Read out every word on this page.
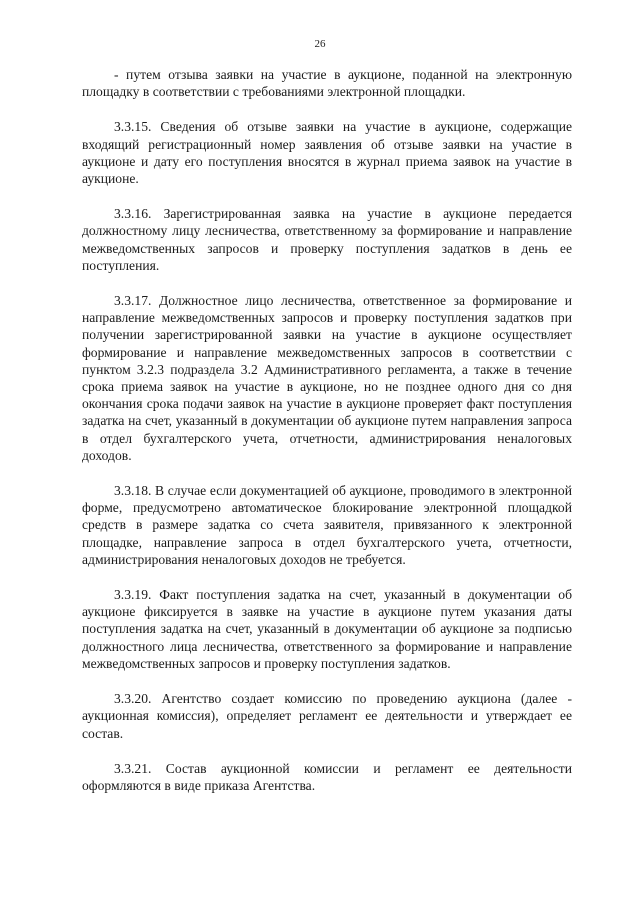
26

- путем отзыва заявки на участие в аукционе, поданной на электронную площадку в соответствии с требованиями электронной площадки.

3.3.15. Сведения об отзыве заявки на участие в аукционе, содержащие входящий регистрационный номер заявления об отзыве заявки на участие в аукционе и дату его поступления вносятся в журнал приема заявок на участие в аукционе.

3.3.16. Зарегистрированная заявка на участие в аукционе передается должностному лицу лесничества, ответственному за формирование и направление межведомственных запросов и проверку поступления задатков в день ее поступления.

3.3.17. Должностное лицо лесничества, ответственное за формирование и направление межведомственных запросов и проверку поступления задатков при получении зарегистрированной заявки на участие в аукционе осуществляет формирование и направление межведомственных запросов в соответствии с пунктом 3.2.3 подраздела 3.2 Административного регламента, а также в течение срока приема заявок на участие в аукционе, но не позднее одного дня со дня окончания срока подачи заявок на участие в аукционе проверяет факт поступления задатка на счет, указанный в документации об аукционе путем направления запроса в отдел бухгалтерского учета, отчетности, администрирования неналоговых доходов.

3.3.18. В случае если документацией об аукционе, проводимого в электронной форме, предусмотрено автоматическое блокирование электронной площадкой средств в размере задатка со счета заявителя, привязанного к электронной площадке, направление запроса в отдел бухгалтерского учета, отчетности, администрирования неналоговых доходов не требуется.

3.3.19. Факт поступления задатка на счет, указанный в документации об аукционе фиксируется в заявке на участие в аукционе путем указания даты поступления задатка на счет, указанный в документации об аукционе за подписью должностного лица лесничества, ответственного за формирование и направление межведомственных запросов и проверку поступления задатков.

3.3.20. Агентство создает комиссию по проведению аукциона (далее - аукционная комиссия), определяет регламент ее деятельности и утверждает ее состав.

3.3.21. Состав аукционной комиссии и регламент ее деятельности оформляются в виде приказа Агентства.
